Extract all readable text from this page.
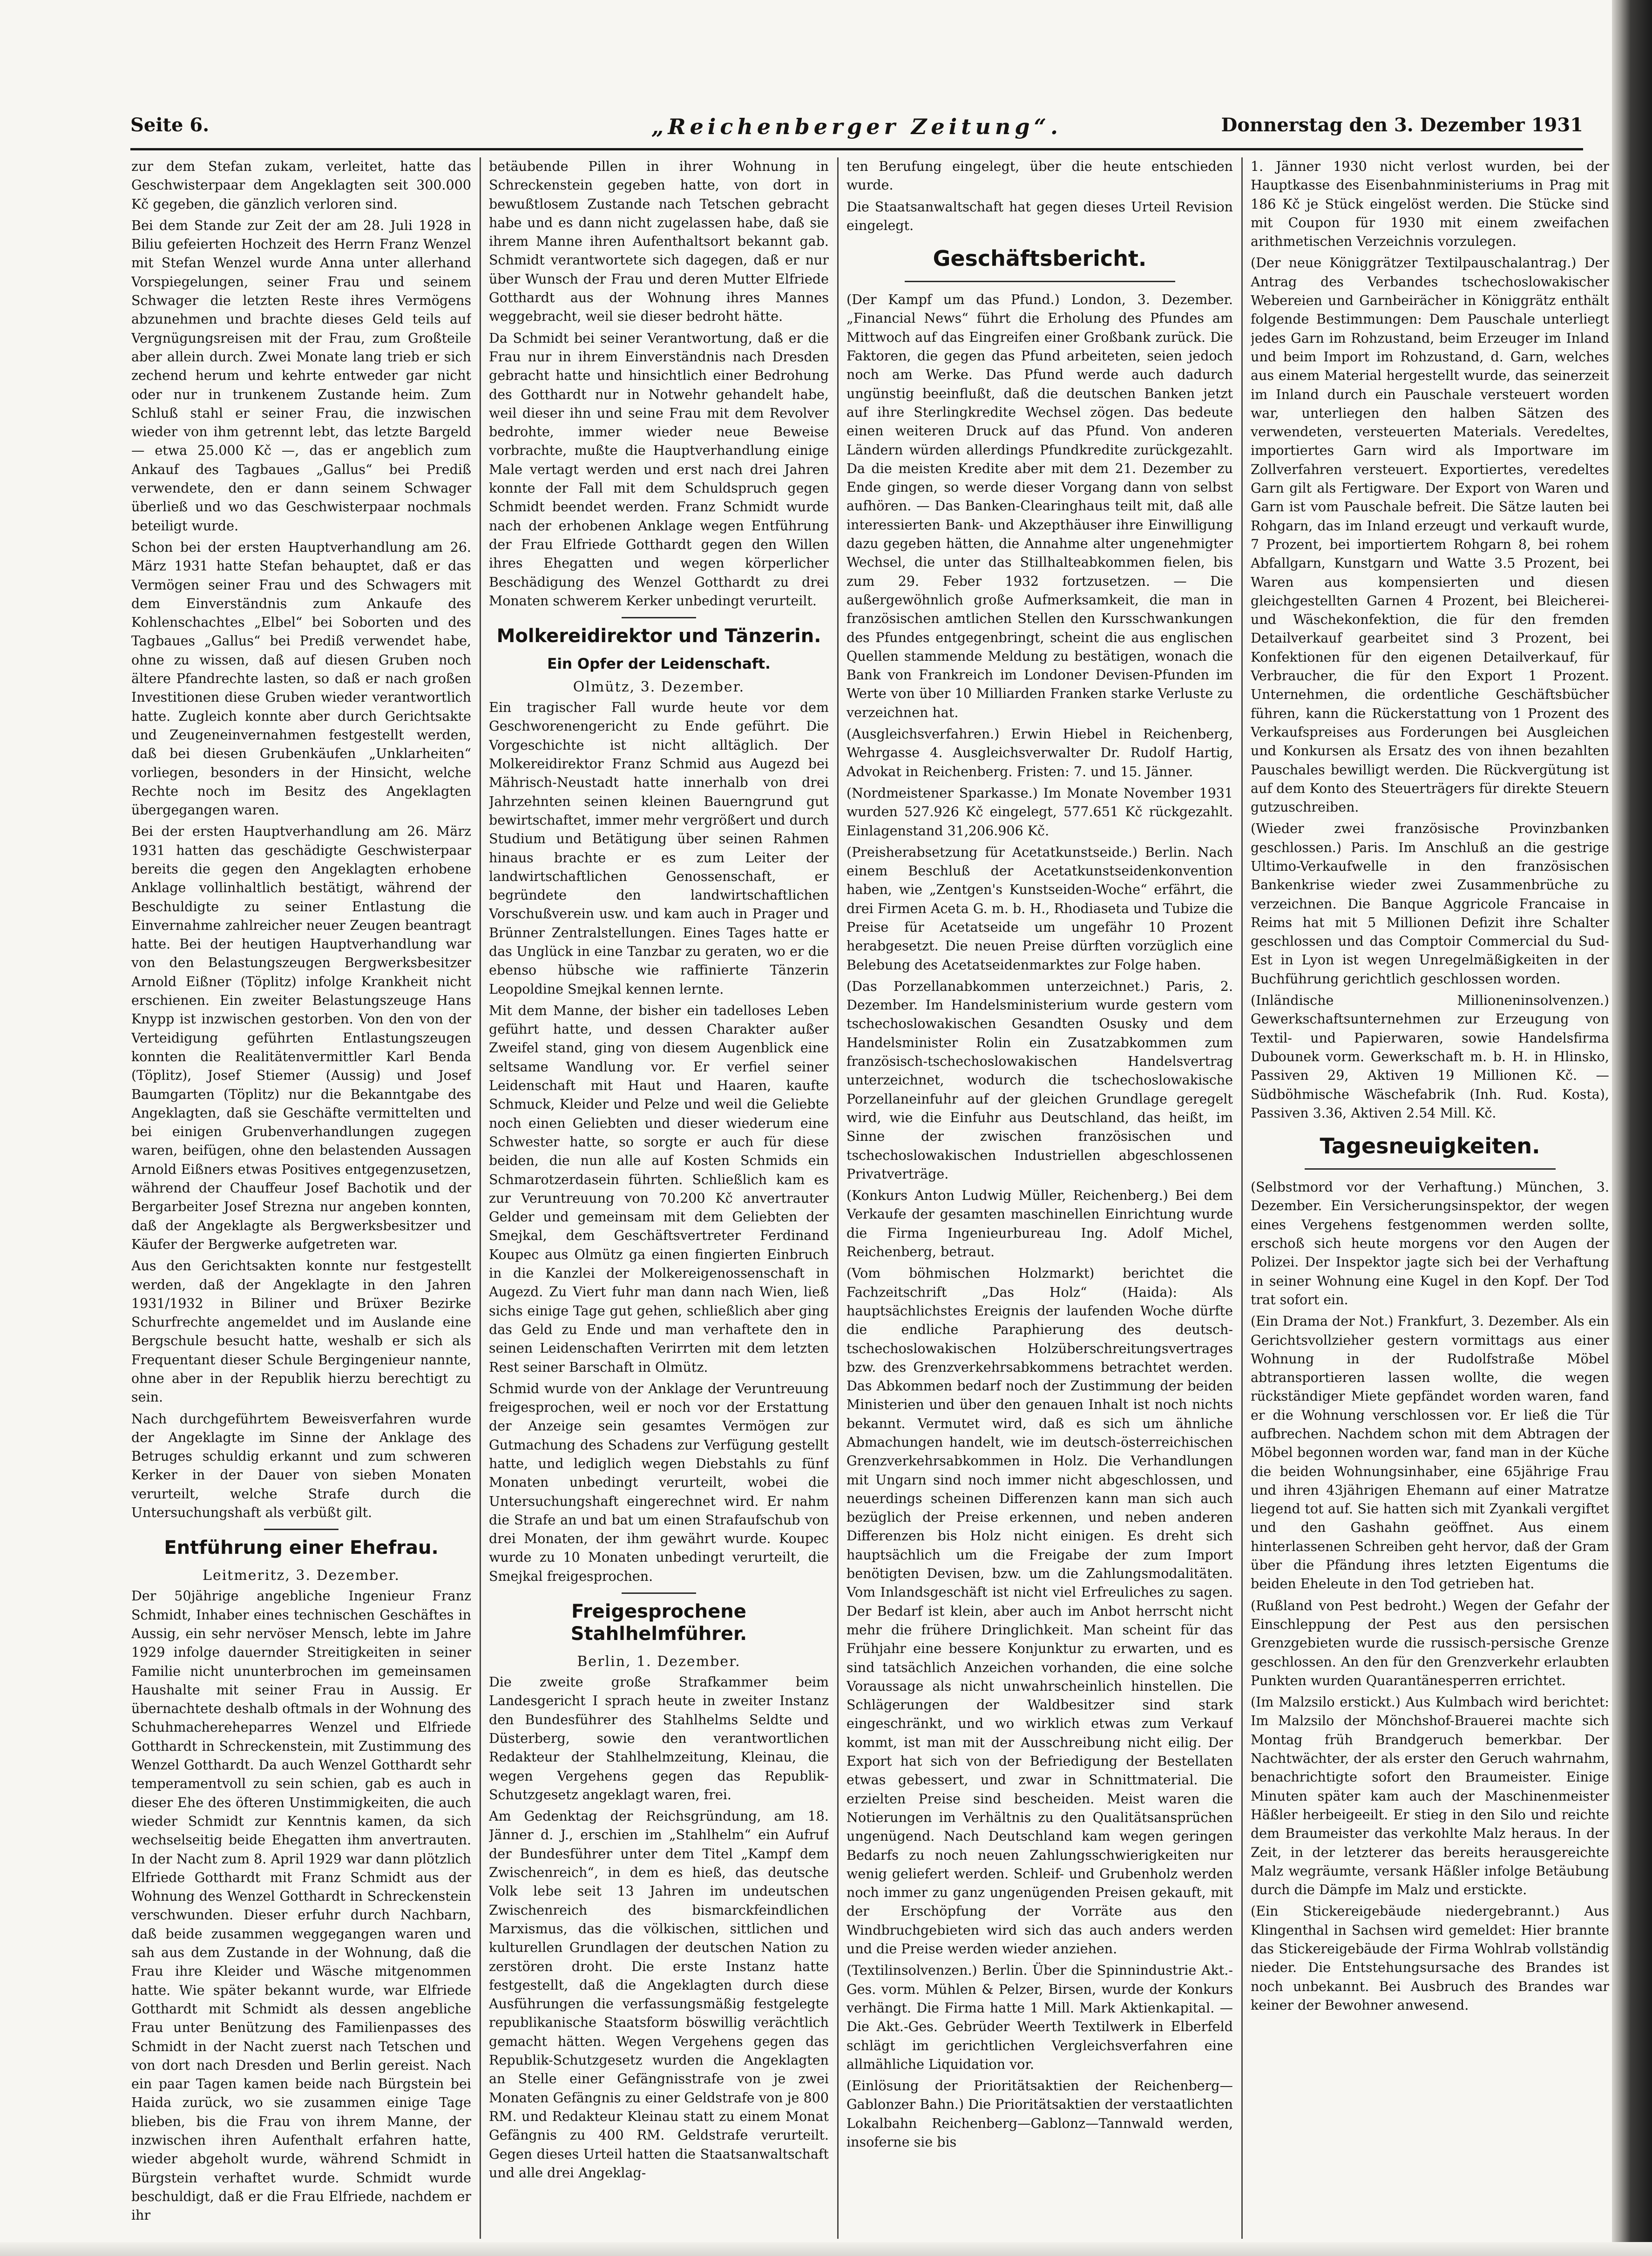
Seite 6.	„Reichenberger Zeitung“.	Donnerstag den 3. Dezember 1931

zur dem Stefan zukam, verleitet, hatte das Geschwisterpaar dem Angeklagten seit 300.000 Kč gegeben, die gänzlich verloren sind.

Bei dem Stande zur Zeit der am 28. Juli 1928 in Biliu gefeierten Hochzeit des Herrn Franz Wenzel mit Stefan Wenzel wurde Anna unter allerhand Vorspiegelungen, seiner Frau und seinem Schwager die letzten Reste ihres Vermögens abzunehmen und brachte dieses Geld teils auf Vergnügungsreisen mit der Frau, zum Großteile aber allein durch. Zwei Monate lang trieb er sich zechend herum und kehrte entweder gar nicht oder nur in trunkenem Zustande heim. Zum Schluß stahl er seiner Frau, die inzwischen wieder von ihm getrennt lebt, das letzte Bargeld — etwa 25.000 Kč —, das er angeblich zum Ankauf des Tagbaues „Gallus“ bei Prediß verwendete, den er dann seinem Schwager überließ und wo das Geschwisterpaar nochmals beteiligt wurde.

Schon bei der ersten Hauptverhandlung am 26. März 1931 hatte Stefan behauptet, daß er das Vermögen seiner Frau und des Schwagers mit dem Einverständnis zum Ankaufe des Kohlenschachtes „Elbel“ bei Soborten und des Tagbaues „Gallus“ bei Prediß verwendet habe, ohne zu wissen, daß auf diesen Gruben noch ältere Pfandrechte lasten, so daß er nach großen Investitionen diese Gruben wieder verantwortlich hatte. Zugleich konnte aber durch Gerichtsakte und Zeugeneinvernahmen festgestellt werden, daß bei diesen Grubenkäufen „Unklarheiten“ vorliegen, besonders in der Hinsicht, welche Rechte noch im Besitz des Angeklagten übergegangen waren.

Bei der ersten Hauptverhandlung am 26. März 1931 hatten das geschädigte Geschwisterpaar bereits die gegen den Angeklagten erhobene Anklage vollinhaltlich bestätigt, während der Beschuldigte zu seiner Entlastung die Einvernahme zahlreicher neuer Zeugen beantragt hatte. Bei der heutigen Hauptverhandlung war von den Belastungszeugen Bergwerksbesitzer Arnold Eißner (Töplitz) infolge Krankheit nicht erschienen. Ein zweiter Belastungszeuge Hans Knypp ist inzwischen gestorben. Von den von der Verteidigung geführten Entlastungszeugen konnten die Realitätenvermittler Karl Benda (Töplitz), Josef Stiemer (Aussig) und Josef Baumgarten (Töplitz) nur die Bekanntgabe des Angeklagten, daß sie Geschäfte vermittelten und bei einigen Grubenverhandlungen zugegen waren, beifügen, ohne den belastenden Aussagen Arnold Eißners etwas Positives entgegenzusetzen, während der Chauffeur Josef Bachotik und der Bergarbeiter Josef Strezna nur angeben konnten, daß der Angeklagte als Bergwerksbesitzer und Käufer der Bergwerke aufgetreten war.

Aus den Gerichtsakten konnte nur festgestellt werden, daß der Angeklagte in den Jahren 1931/1932 in Biliner und Brüxer Bezirke Schurfrechte angemeldet und im Auslande eine Bergschule besucht hatte, weshalb er sich als Frequentant dieser Schule Bergingenieur nannte, ohne aber in der Republik hierzu berechtigt zu sein.

Nach durchgeführtem Beweisverfahren wurde der Angeklagte im Sinne der Anklage des Betruges schuldig erkannt und zum schweren Kerker in der Dauer von sieben Monaten verurteilt, welche Strafe durch die Untersuchungshaft als verbüßt gilt.

Entführung einer Ehefrau.
Leitmeritz, 3. Dezember.

Der 50jährige angebliche Ingenieur Franz Schmidt, Inhaber eines technischen Geschäftes in Aussig, ein sehr nervöser Mensch, lebte im Jahre 1929 infolge dauernder Streitigkeiten in seiner Familie nicht ununterbrochen im gemeinsamen Haushalte mit seiner Frau in Aussig. Er übernachtete deshalb oftmals in der Wohnung des Schuhmachereheparres Wenzel und Elfriede Gotthardt in Schreckenstein, mit Zustimmung des Wenzel Gotthardt. Da auch Wenzel Gotthardt sehr temperamentvoll zu sein schien, gab es auch in dieser Ehe des öfteren Unstimmigkeiten, die auch wieder Schmidt zur Kenntnis kamen, da sich wechselseitig beide Ehegatten ihm anvertrauten. In der Nacht zum 8. April 1929 war dann plötzlich Elfriede Gotthardt mit Franz Schmidt aus der Wohnung des Wenzel Gotthardt in Schreckenstein verschwunden. Dieser erfuhr durch Nachbarn, daß beide zusammen weggegangen waren und sah aus dem Zustande in der Wohnung, daß die Frau ihre Kleider und Wäsche mitgenommen hatte. Wie später bekannt wurde, war Elfriede Gotthardt mit Schmidt als dessen angebliche Frau unter Benützung des Familienpasses des Schmidt in der Nacht zuerst nach Tetschen und von dort nach Dresden und Berlin gereist. Nach ein paar Tagen kamen beide nach Bürgstein bei Haida zurück, wo sie zusammen einige Tage blieben, bis die Frau von ihrem Manne, der inzwischen ihren Aufenthalt erfahren hatte, wieder abgeholt wurde, während Schmidt in Bürgstein verhaftet wurde. Schmidt wurde beschuldigt, daß er die Frau Elfriede, nachdem er ihr

betäubende Pillen in ihrer Wohnung in Schreckenstein gegeben hatte, von dort in bewußtlosem Zustande nach Tetschen gebracht habe und es dann nicht zugelassen habe, daß sie ihrem Manne ihren Aufenthaltsort bekannt gab. Schmidt verantwortete sich dagegen, daß er nur über Wunsch der Frau und deren Mutter Elfriede Gotthardt aus der Wohnung ihres Mannes weggebracht, weil sie dieser bedroht hätte.

Da Schmidt bei seiner Verantwortung, daß er die Frau nur in ihrem Einverständnis nach Dresden gebracht hatte und hinsichtlich einer Bedrohung des Gotthardt nur in Notwehr gehandelt habe, weil dieser ihn und seine Frau mit dem Revolver bedrohte, immer wieder neue Beweise vorbrachte, mußte die Hauptverhandlung einige Male vertagt werden und erst nach drei Jahren konnte der Fall mit dem Schuldspruch gegen Schmidt beendet werden. Franz Schmidt wurde nach der erhobenen Anklage wegen Entführung der Frau Elfriede Gotthardt gegen den Willen ihres Ehegatten und wegen körperlicher Beschädigung des Wenzel Gotthardt zu drei Monaten schwerem Kerker unbedingt verurteilt.

Molkereidirektor und Tänzerin.
Ein Opfer der Leidenschaft.
Olmütz, 3. Dezember.

Ein tragischer Fall wurde heute vor dem Geschworenengericht zu Ende geführt. Die Vorgeschichte ist nicht alltäglich. Der Molkereidirektor Franz Schmid aus Augezd bei Mährisch-Neustadt hatte innerhalb von drei Jahrzehnten seinen kleinen Bauerngrund gut bewirtschaftet, immer mehr vergrößert und durch Studium und Betätigung über seinen Rahmen hinaus brachte er es zum Leiter der landwirtschaftlichen Genossenschaft, er begründete den landwirtschaftlichen Vorschußverein usw. und kam auch in Prager und Brünner Zentralstellungen. Eines Tages hatte er das Unglück in eine Tanzbar zu geraten, wo er die ebenso hübsche wie raffinierte Tänzerin Leopoldine Smejkal kennen lernte.

Mit dem Manne, der bisher ein tadelloses Leben geführt hatte, und dessen Charakter außer Zweifel stand, ging von diesem Augenblick eine seltsame Wandlung vor. Er verfiel seiner Leidenschaft mit Haut und Haaren, kaufte Schmuck, Kleider und Pelze und weil die Geliebte noch einen Geliebten und dieser wiederum eine Schwester hatte, so sorgte er auch für diese beiden, die nun alle auf Kosten Schmids ein Schmarotzerdasein führten. Schließlich kam es zur Veruntreuung von 70.200 Kč anvertrauter Gelder und gemeinsam mit dem Geliebten der Smejkal, dem Geschäftsvertreter Ferdinand Koupec aus Olmütz ga einen fingierten Einbruch in die Kanzlei der Molkereigenossenschaft in Augezd. Zu Viert fuhr man dann nach Wien, ließ sichs einige Tage gut gehen, schließlich aber ging das Geld zu Ende und man verhaftete den in seinen Leidenschaften Verirrten mit dem letzten Rest seiner Barschaft in Olmütz.

Schmid wurde von der Anklage der Veruntreuung freigesprochen, weil er noch vor der Erstattung der Anzeige sein gesamtes Vermögen zur Gutmachung des Schadens zur Verfügung gestellt hatte, und lediglich wegen Diebstahls zu fünf Monaten unbedingt verurteilt, wobei die Untersuchungshaft eingerechnet wird. Er nahm die Strafe an und bat um einen Strafaufschub von drei Monaten, der ihm gewährt wurde. Koupec wurde zu 10 Monaten unbedingt verurteilt, die Smejkal freigesprochen.

Freigesprochene Stahlhelmführer.
Berlin, 1. Dezember.

Die zweite große Strafkammer beim Landesgericht I sprach heute in zweiter Instanz den Bundesführer des Stahlhelms Seldte und Düsterberg, sowie den verantwortlichen Redakteur der Stahlhelmzeitung, Kleinau, die wegen Vergehens gegen das Republik-Schutzgesetz angeklagt waren, frei.

Am Gedenktag der Reichsgründung, am 18. Jänner d. J., erschien im „Stahlhelm“ ein Aufruf der Bundesführer unter dem Titel „Kampf dem Zwischenreich“, in dem es hieß, das deutsche Volk lebe seit 13 Jahren im undeutschen Zwischenreich des bismarckfeindlichen Marxismus, das die völkischen, sittlichen und kulturellen Grundlagen der deutschen Nation zu zerstören droht. Die erste Instanz hatte festgestellt, daß die Angeklagten durch diese Ausführungen die verfassungsmäßig festgelegte republikanische Staatsform böswillig verächtlich gemacht hätten. Wegen Vergehens gegen das Republik-Schutzgesetz wurden die Angeklagten an Stelle einer Gefängnisstrafe von je zwei Monaten Gefängnis zu einer Geldstrafe von je 800 RM. und Redakteur Kleinau statt zu einem Monat Gefängnis zu 400 RM. Geldstrafe verurteilt. Gegen dieses Urteil hatten die Staatsanwaltschaft und alle drei Angeklag-

ten Berufung eingelegt, über die heute entschieden wurde.

Die Staatsanwaltschaft hat gegen dieses Urteil Revision eingelegt.

Geschäftsbericht.

(Der Kampf um das Pfund.) London, 3. Dezember. „Financial News“ führt die Erholung des Pfundes am Mittwoch auf das Eingreifen einer Großbank zurück. Die Faktoren, die gegen das Pfund arbeiteten, seien jedoch noch am Werke. Das Pfund werde auch dadurch ungünstig beeinflußt, daß die deutschen Banken jetzt auf ihre Sterlingkredite Wechsel zögen. Das bedeute einen weiteren Druck auf das Pfund. Von anderen Ländern würden allerdings Pfundkredite zurückgezahlt. Da die meisten Kredite aber mit dem 21. Dezember zu Ende gingen, so werde dieser Vorgang dann von selbst aufhören. — Das Banken-Clearinghaus teilt mit, daß alle interessierten Bank- und Akzepthäuser ihre Einwilligung dazu gegeben hätten, die Annahme alter ungenehmigter Wechsel, die unter das Stillhalteabkommen fielen, bis zum 29. Feber 1932 fortzusetzen. — Die außergewöhnlich große Aufmerksamkeit, die man in französischen amtlichen Stellen den Kursschwankungen des Pfundes entgegenbringt, scheint die aus englischen Quellen stammende Meldung zu bestätigen, wonach die Bank von Frankreich im Londoner Devisen-Pfunden im Werte von über 10 Milliarden Franken starke Verluste zu verzeichnen hat.

(Ausgleichsverfahren.) Erwin Hiebel in Reichenberg, Wehrgasse 4. Ausgleichsverwalter Dr. Rudolf Hartig, Advokat in Reichenberg. Fristen: 7. und 15. Jänner.

(Nordmeistener Sparkasse.) Im Monate November 1931 wurden 527.926 Kč eingelegt, 577.651 Kč rückgezahlt. Einlagenstand 31,206.906 Kč.

(Preisherabsetzung für Acetatkunstseide.) Berlin. Nach einem Beschluß der Acetatkunstseidenkonvention haben, wie „Zentgen's Kunstseiden-Woche“ erfährt, die drei Firmen Aceta G. m. b. H., Rhodiaseta und Tubize die Preise für Acetatseide um ungefähr 10 Prozent herabgesetzt. Die neuen Preise dürften vorzüglich eine Belebung des Acetatseidenmarktes zur Folge haben.

(Das Porzellanabkommen unterzeichnet.) Paris, 2. Dezember. Im Handelsministerium wurde gestern vom tschechoslowakischen Gesandten Osusky und dem Handelsminister Rolin ein Zusatzabkommen zum französisch-tschechoslowakischen Handelsvertrag unterzeichnet, wodurch die tschechoslowakische Porzellaneinfuhr auf der gleichen Grundlage geregelt wird, wie die Einfuhr aus Deutschland, das heißt, im Sinne der zwischen französischen und tschechoslowakischen Industriellen abgeschlossenen Privatverträge.

(Konkurs Anton Ludwig Müller, Reichenberg.) Bei dem Verkaufe der gesamten maschinellen Einrichtung wurde die Firma Ingenieurbureau Ing. Adolf Michel, Reichenberg, betraut.

(Vom böhmischen Holzmarkt) berichtet die Fachzeitschrift „Das Holz“ (Haida): Als hauptsächlichstes Ereignis der laufenden Woche dürfte die endliche Paraphierung des deutsch-tschechoslowakischen Holzüberschreitungsvertrages bzw. des Grenzverkehrsabkommens betrachtet werden. Das Abkommen bedarf noch der Zustimmung der beiden Ministerien und über den genauen Inhalt ist noch nichts bekannt. Vermutet wird, daß es sich um ähnliche Abmachungen handelt, wie im deutsch-österreichischen Grenzverkehrsabkommen in Holz. Die Verhandlungen mit Ungarn sind noch immer nicht abgeschlossen, und neuerdings scheinen Differenzen kann man sich auch bezüglich der Preise erkennen, und neben anderen Differenzen bis Holz nicht einigen. Es dreht sich hauptsächlich um die Freigabe der zum Import benötigten Devisen, bzw. um die Zahlungsmodalitäten. Vom Inlandsgeschäft ist nicht viel Erfreuliches zu sagen. Der Bedarf ist klein, aber auch im Anbot herrscht nicht mehr die frühere Dringlichkeit. Man scheint für das Frühjahr eine bessere Konjunktur zu erwarten, und es sind tatsächlich Anzeichen vorhanden, die eine solche Voraussage als nicht unwahrscheinlich hinstellen. Die Schlägerungen der Waldbesitzer sind stark eingeschränkt, und wo wirklich etwas zum Verkauf kommt, ist man mit der Ausschreibung nicht eilig. Der Export hat sich von der Befriedigung der Bestellaten etwas gebessert, und zwar in Schnittmaterial. Die erzielten Preise sind bescheiden. Meist waren die Notierungen im Verhältnis zu den Qualitätsansprüchen ungenügend. Nach Deutschland kam wegen geringen Bedarfs zu noch neuen Zahlungsschwierigkeiten nur wenig geliefert werden. Schleif- und Grubenholz werden noch immer zu ganz ungenügenden Preisen gekauft, mit der Erschöpfung der Vorräte aus den Windbruchgebieten wird sich das auch anders werden und die Preise werden wieder anziehen.

(Textilinsolvenzen.) Berlin. Über die Spinnindustrie Akt.-Ges. vorm. Mühlen & Pelzer, Birsen, wurde der Konkurs verhängt. Die Firma hatte 1 Mill. Mark Aktienkapital. — Die Akt.-Ges. Gebrüder Weerth Textilwerk in Elberfeld schlägt im gerichtlichen Vergleichsverfahren eine allmähliche Liquidation vor.

(Einlösung der Prioritätsaktien der Reichenberg—Gablonzer Bahn.) Die Prioritätsaktien der verstaatlichten Lokalbahn Reichenberg—Gablonz—Tannwald werden, insoferne sie bis

1. Jänner 1930 nicht verlost wurden, bei der Hauptkasse des Eisenbahnministeriums in Prag mit 186 Kč je Stück eingelöst werden. Die Stücke sind mit Coupon für 1930 mit einem zweifachen arithmetischen Verzeichnis vorzulegen.

(Der neue Königgrätzer Textilpauschalantrag.) Der Antrag des Verbandes tschechoslowakischer Webereien und Garnbeirächer in Königgrätz enthält folgende Bestimmungen: Dem Pauschale unterliegt jedes Garn im Rohzustand, beim Erzeuger im Inland und beim Import im Rohzustand, d. Garn, welches aus einem Material hergestellt wurde, das seinerzeit im Inland durch ein Pauschale versteuert worden war, unterliegen den halben Sätzen des verwendeten, versteuerten Materials. Veredeltes, importiertes Garn wird als Importware im Zollverfahren versteuert. Exportiertes, veredeltes Garn gilt als Fertigware. Der Export von Waren und Garn ist vom Pauschale befreit. Die Sätze lauten bei Rohgarn, das im Inland erzeugt und verkauft wurde, 7 Prozent, bei importiertem Rohgarn 8, bei rohem Abfallgarn, Kunstgarn und Watte 3.5 Prozent, bei Waren aus kompensierten und diesen gleichgestellten Garnen 4 Prozent, bei Bleicherei- und Wäschekonfektion, die für den fremden Detailverkauf gearbeitet sind 3 Prozent, bei Konfektionen für den eigenen Detailverkauf, für Verbraucher, die für den Export 1 Prozent. Unternehmen, die ordentliche Geschäftsbücher führen, kann die Rückerstattung von 1 Prozent des Verkaufspreises aus Forderungen bei Ausgleichen und Konkursen als Ersatz des von ihnen bezahlten Pauschales bewilligt werden. Die Rückvergütung ist auf dem Konto des Steuerträgers für direkte Steuern gutzuschreiben.

(Wieder zwei französische Provinzbanken geschlossen.) Paris. Im Anschluß an die gestrige Ultimo-Verkaufwelle in den französischen Bankenkrise wieder zwei Zusammenbrüche zu verzeichnen. Die Banque Aggricole Francaise in Reims hat mit 5 Millionen Defizit ihre Schalter geschlossen und das Comptoir Commercial du Sud-Est in Lyon ist wegen Unregelmäßigkeiten in der Buchführung gerichtlich geschlossen worden.

(Inländische Millioneninsolvenzen.) Gewerkschaftsunternehmen zur Erzeugung von Textil- und Papierwaren, sowie Handelsfirma Dubounek vorm. Gewerkschaft m. b. H. in Hlinsko, Passiven 29, Aktiven 19 Millionen Kč. — Südböhmische Wäschefabrik (Inh. Rud. Kosta), Passiven 3.36, Aktiven 2.54 Mill. Kč.

Tagesneuigkeiten.

(Selbstmord vor der Verhaftung.) München, 3. Dezember. Ein Versicherungsinspektor, der wegen eines Vergehens festgenommen werden sollte, erschoß sich heute morgens vor den Augen der Polizei. Der Inspektor jagte sich bei der Verhaftung in seiner Wohnung eine Kugel in den Kopf. Der Tod trat sofort ein.

(Ein Drama der Not.) Frankfurt, 3. Dezember. Als ein Gerichtsvollzieher gestern vormittags aus einer Wohnung in der Rudolfstraße Möbel abtransportieren lassen wollte, die wegen rückständiger Miete gepfändet worden waren, fand er die Wohnung verschlossen vor. Er ließ die Tür aufbrechen. Nachdem schon mit dem Abtragen der Möbel begonnen worden war, fand man in der Küche die beiden Wohnungsinhaber, eine 65jährige Frau und ihren 43jährigen Ehemann auf einer Matratze liegend tot auf. Sie hatten sich mit Zyankali vergiftet und den Gashahn geöffnet. Aus einem hinterlassenen Schreiben geht hervor, daß der Gram über die Pfändung ihres letzten Eigentums die beiden Eheleute in den Tod getrieben hat.

(Rußland von Pest bedroht.) Wegen der Gefahr der Einschleppung der Pest aus den persischen Grenzgebieten wurde die russisch-persische Grenze geschlossen. An den für den Grenzverkehr erlaubten Punkten wurden Quarantänesperren errichtet.

(Im Malzsilo erstickt.) Aus Kulmbach wird berichtet: Im Malzsilo der Mönchshof-Brauerei machte sich Montag früh Brandgeruch bemerkbar. Der Nachtwächter, der als erster den Geruch wahrnahm, benachrichtigte sofort den Braumeister. Einige Minuten später kam auch der Maschinenmeister Häßler herbeigeeilt. Er stieg in den Silo und reichte dem Braumeister das verkohlte Malz heraus. In der Zeit, in der letzterer das bereits herausgereichte Malz wegräumte, versank Häßler infolge Betäubung durch die Dämpfe im Malz und erstickte.

(Ein Stickereigebäude niedergebrannt.) Aus Klingenthal in Sachsen wird gemeldet: Hier brannte das Stickereigebäude der Firma Wohlrab vollständig nieder. Die Entstehungsursache des Brandes ist noch unbekannt. Bei Ausbruch des Brandes war keiner der Bewohner anwesend.
